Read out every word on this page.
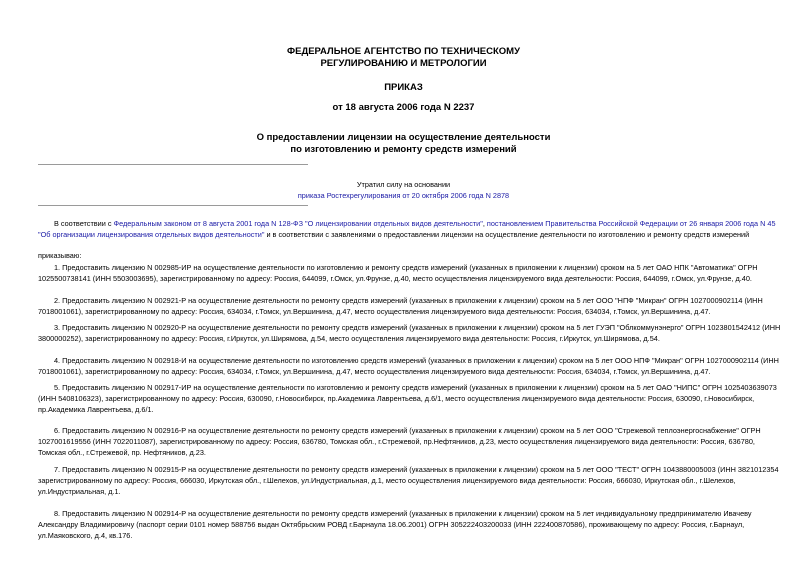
ФЕДЕРАЛЬНОЕ АГЕНТСТВО ПО ТЕХНИЧЕСКОМУ
РЕГУЛИРОВАНИЮ И МЕТРОЛОГИИ
ПРИКАЗ
от 18 августа 2006 года N 2237
О предоставлении лицензии на осуществление деятельности
по изготовлению и ремонту средств измерений
Утратил силу на основании
приказа Ростехрегулирования от 20 октября 2006 года N 2878
В соответствии с Федеральным законом от 8 августа 2001 года N 128-ФЗ "О лицензировании отдельных видов деятельности", постановлением Правительства Российской Федерации от 26 января 2006 года N 45
"Об организации лицензирования отдельных видов деятельности" и в соответствии с заявлениями о предоставлении лицензии на осуществление деятельности по изготовлению и ремонту средств измерений
приказываю:
1. Предоставить лицензию N 002985-ИР на осуществление деятельности по изготовлению и ремонту средств измерений (указанных в приложении к лицензии) сроком на 5 лет ОАО НПК "Автоматика" ОГРН
1025500738141 (ИНН 5503003695), зарегистрированному по адресу: Россия, 644099, г.Омск, ул.Фрунзе, д.40, место осуществления лицензируемого вида деятельности: Россия, 644099, г.Омск, ул.Фрунзе, д.40.
2. Предоставить лицензию N 002921-Р на осуществление деятельности по ремонту средств измерений (указанных в приложении к лицензии) сроком на 5 лет ООО "НПФ "Микран" ОГРН 1027000902114 (ИНН
7018001061), зарегистрированному по адресу: Россия, 634034, г.Томск, ул.Вершинина, д.47, место осуществления лицензируемого вида деятельности: Россия, 634034, г.Томск, ул.Вершинина, д.47.
3. Предоставить лицензию N 002920-Р на осуществление деятельности по ремонту средств измерений (указанных в приложении к лицензии) сроком на 5 лет ГУЭП "Облкоммунэнерго" ОГРН 1023801542412 (ИНН
3800000252), зарегистрированному по адресу: Россия, г.Иркутск, ул.Ширямова, д.54, место осуществления лицензируемого вида деятельности: Россия, г.Иркутск, ул.Ширямова, д.54.
4. Предоставить лицензию N 002918-И на осуществление деятельности по изготовлению средств измерений (указанных в приложении к лицензии) сроком на 5 лет ООО НПФ "Микран" ОГРН 1027000902114 (ИНН
7018001061), зарегистрированному по адресу: Россия, 634034, г.Томск, ул.Вершинина, д.47, место осуществления лицензируемого вида деятельности: Россия, 634034, г.Томск, ул.Вершинина, д.47.
5. Предоставить лицензию N 002917-ИР на осуществление деятельности по изготовлению и ремонту средств измерений (указанных в приложении к лицензии) сроком на 5 лет ОАО "НИПС" ОГРН 1025403639073
(ИНН 5408106323), зарегистрированному по адресу: Россия, 630090, г.Новосибирск, пр.Академика Лаврентьева, д.6/1, место осуществления лицензируемого вида деятельности: Россия, 630090, г.Новосибирск,
пр.Академика Лаврентьева, д.6/1.
6. Предоставить лицензию N 002916-Р на осуществление деятельности по ремонту средств измерений (указанных в приложении к лицензии) сроком на 5 лет ООО "Стрежевой теплоэнергоснабжение" ОГРН
1027001619556 (ИНН 7022011087), зарегистрированному по адресу: Россия, 636780, Томская обл., г.Стрежевой, пр.Нефтяников, д.23, место осуществления лицензируемого вида деятельности: Россия, 636780,
Томская обл., г.Стрежевой, пр. Нефтяников, д.23.
7. Предоставить лицензию N 002915-Р на осуществление деятельности по ремонту средств измерений (указанных в приложении к лицензии) сроком на 5 лет ООО "ТЕСТ" ОГРН 1043880005003 (ИНН 3821012354
зарегистрированному по адресу: Россия, 666030, Иркутская обл., г.Шелехов, ул.Индустриальная, д.1, место осуществления лицензируемого вида деятельности: Россия, 666030, Иркутская обл., г.Шелехов,
ул.Индустриальная, д.1.
8. Предоставить лицензию N 002914-Р на осуществление деятельности по ремонту средств измерений (указанных в приложении к лицензии) сроком на 5 лет индивидуальному предпринимателю Ивачеву
Александру Владимировичу (паспорт серии 0101 номер 588756 выдан Октябрьским РОВД г.Барнаула 18.06.2001) ОГРН 305222403200033 (ИНН 222400870586), проживающему по адресу: Россия, г.Барнаул,
ул.Маяковского, д.4, кв.176.
